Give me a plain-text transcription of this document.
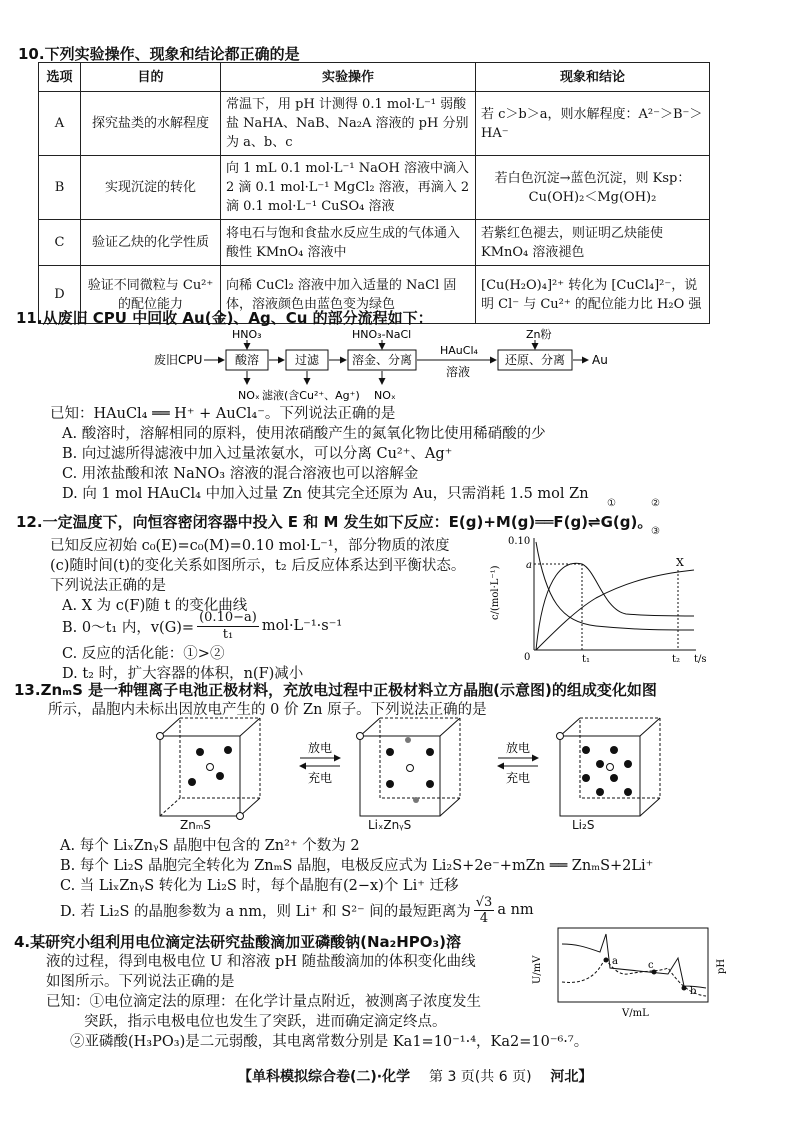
10.下列实验操作、现象和结论都正确的是
选项	目的	实验操作	现象和结论
A	探究盐类的水解程度	常温下，用 pH 计测得 0.1 mol·L⁻¹ 弱酸盐 NaHA、NaB、Na₂A 溶液的 pH 分别为 a、b、c	若 c＞b＞a，则水解程度：A²⁻＞B⁻＞HA⁻
B	实现沉淀的转化	向 1 mL 0.1 mol·L⁻¹ NaOH 溶液中滴入 2 滴 0.1 mol·L⁻¹ MgCl₂ 溶液，再滴入 2 滴 0.1 mol·L⁻¹ CuSO₄ 溶液	若白色沉淀→蓝色沉淀，则 Ksp：Cu(OH)₂＜Mg(OH)₂
C	验证乙炔的化学性质	将电石与饱和食盐水反应生成的气体通入酸性 KMnO₄ 溶液中	若紫红色褪去，则证明乙炔能使 KMnO₄ 溶液褪色
D	验证不同微粒与 Cu²⁺ 的配位能力	向稀 CuCl₂ 溶液中加入适量的 NaCl 固体，溶液颜色由蓝色变为绿色	[Cu(H₂O)₄]²⁺ 转化为 [CuCl₄]²⁻，说明 Cl⁻ 与 Cu²⁺ 的配位能力比 H₂O 强
11.从废旧 CPU 中回收 Au(金)、Ag、Cu 的部分流程如下：
废旧CPU	酸溶
HNO₃
NOₓ
过滤
滤液(含Cu²⁺、Ag⁺)
溶金、分离
HNO₃-NaCl
NOₓ
HAuCl₄
溶液
还原、分离
Zn粉
Au
已知：HAuCl₄ ══ H⁺ + AuCl₄⁻。下列说法正确的是
A. 酸溶时，溶解相同的原料，使用浓硝酸产生的氮氧化物比使用稀硝酸的少
B. 向过滤所得滤液中加入过量浓氨水，可以分离 Cu²⁺、Ag⁺
C. 用浓盐酸和浓 NaNO₃ 溶液的混合溶液也可以溶解金
D. 向 1 mol HAuCl₄ 中加入过量 Zn 使其完全还原为 Au，只需消耗 1.5 mol Zn
12.一定温度下，向恒容密闭容器中投入 E 和 M 发生如下反应：E(g)+M(g)══F(g)⇌G(g)。
①	②
③
已知反应初始 c₀(E)=c₀(M)=0.10 mol·L⁻¹，部分物质的浓度
(c)随时间(t)的变化关系如图所示，t₂ 后反应体系达到平衡状态。
下列说法正确的是
A. X 为 c(F)随 t 的变化曲线
B. 0～t₁ 内，$v(G)= \frac{(0.10-a)}{\text{t₁}} mol\cdot L^{-1}\cdot s^{-1}$
C. 反应的活化能：①>②
D. t₂ 时，扩大容器的体积，n(F)减小
0.10
a
0
c/(mol·L⁻¹)
t₁	t₂ t/s
X
13.ZnₘS 是一种锂离子电池正极材料，充放电过程中正极材料立方晶胞(示意图)的组成变化如图
所示，晶胞内未标出因放电产生的 0 价 Zn 原子。下列说法正确的是
放电
充电
放电
充电
ZnₘS	LiₓZnᵧS	Li₂S
A. 每个 LiₓZnᵧS 晶胞中包含的 Zn²⁺ 个数为 2
B. 每个 Li₂S 晶胞完全转化为 ZnₘS 晶胞，电极反应式为 Li₂S+2e⁻+mZn ══ ZnₘS+2Li⁺
C. 当 LiₓZnᵧS 转化为 Li₂S 时，每个晶胞有(2−x)个 Li⁺ 迁移
D. 若 Li₂S 的晶胞参数为 a nm，则 Li⁺ 和 S²⁻ 间的最短距离为 $\frac{√3}{4}$ a nm
4.某研究小组利用电位滴定法研究盐酸滴加亚磷酸钠(Na₂HPO₃)溶
液的过程，得到电极电位 U 和溶液 pH 随盐酸滴加的体积变化曲线
如图所示。下列说法正确的是
已知：①电位滴定法的原理：在化学计量点附近，被测离子浓度发生
突跃，指示电极电位也发生了突跃，进而确定滴定终点。
②亚磷酸(H₃PO₃)是二元弱酸，其电离常数分别是 Ka1=10⁻¹·⁴，Ka2=10⁻⁶·⁷。
U/mV	pH
V/mL
a
b
c
【单科模拟综合卷(二)·化学 第 3 页(共 6 页) 河北】
